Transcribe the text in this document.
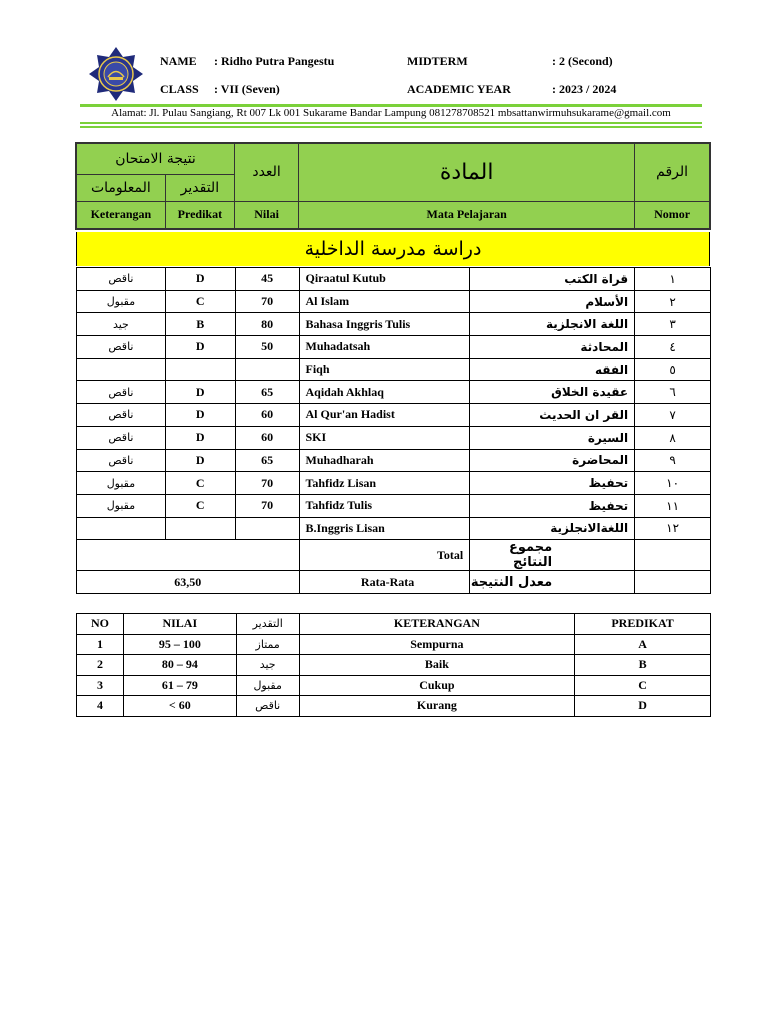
NAME : Ridho Putra Pangestu	MIDTERM	: 2 (Second)
CLASS : VII (Seven)	ACADEMIC YEAR	: 2023 / 2024
Alamat: Jl. Pulau Sangiang, Rt 007 Lk 001 Sukarame Bandar Lampung 081278708521 mbsattanwirmuhsukarame@gmail.com
نتيجة الامتحان		العدد	المادة	الرقم
المعلومات	التقدير			
Keterangan	Predikat	Nilai	Mata Pelajaran	Nomor
دراسة مدرسة الداخلية
ناقص	D	45	Qiraatul Kutub	قراة الكتب	١
مقبول	C	70	Al Islam	الأسلام	٢
جيد	B	80	Bahasa Inggris Tulis	اللغة الانجلزية	٣
ناقص	D	50	Muhadatsah	المحادثة	٤
			Fiqh	الفقه	٥
ناقص	D	65	Aqidah Akhlaq	عقيدة الخلاق	٦
ناقص	D	60	Al Qur'an Hadist	القر ان الحديث	٧
ناقص	D	60	SKI	السيرة	٨
ناقص	D	65	Muhadharah	المحاضرة	٩
مقبول	C	70	Tahfidz Lisan	تحفيظ	١٠
مقبول	C	70	Tahfidz Tulis	تحفيظ	١١
			B.Inggris Lisan	اللغةالانجلزية	١٢
			Total	مجموع النتائج	
63,50			Rata-Rata	معدل النتيجة	
NO	NILAI	التقدير	KETERANGAN	PREDIKAT
1	95 – 100	ممتاز	Sempurna	A
2	80 – 94	جيد	Baik	B
3	61 – 79	مقبول	Cukup	C
4	< 60	ناقص	Kurang	D
